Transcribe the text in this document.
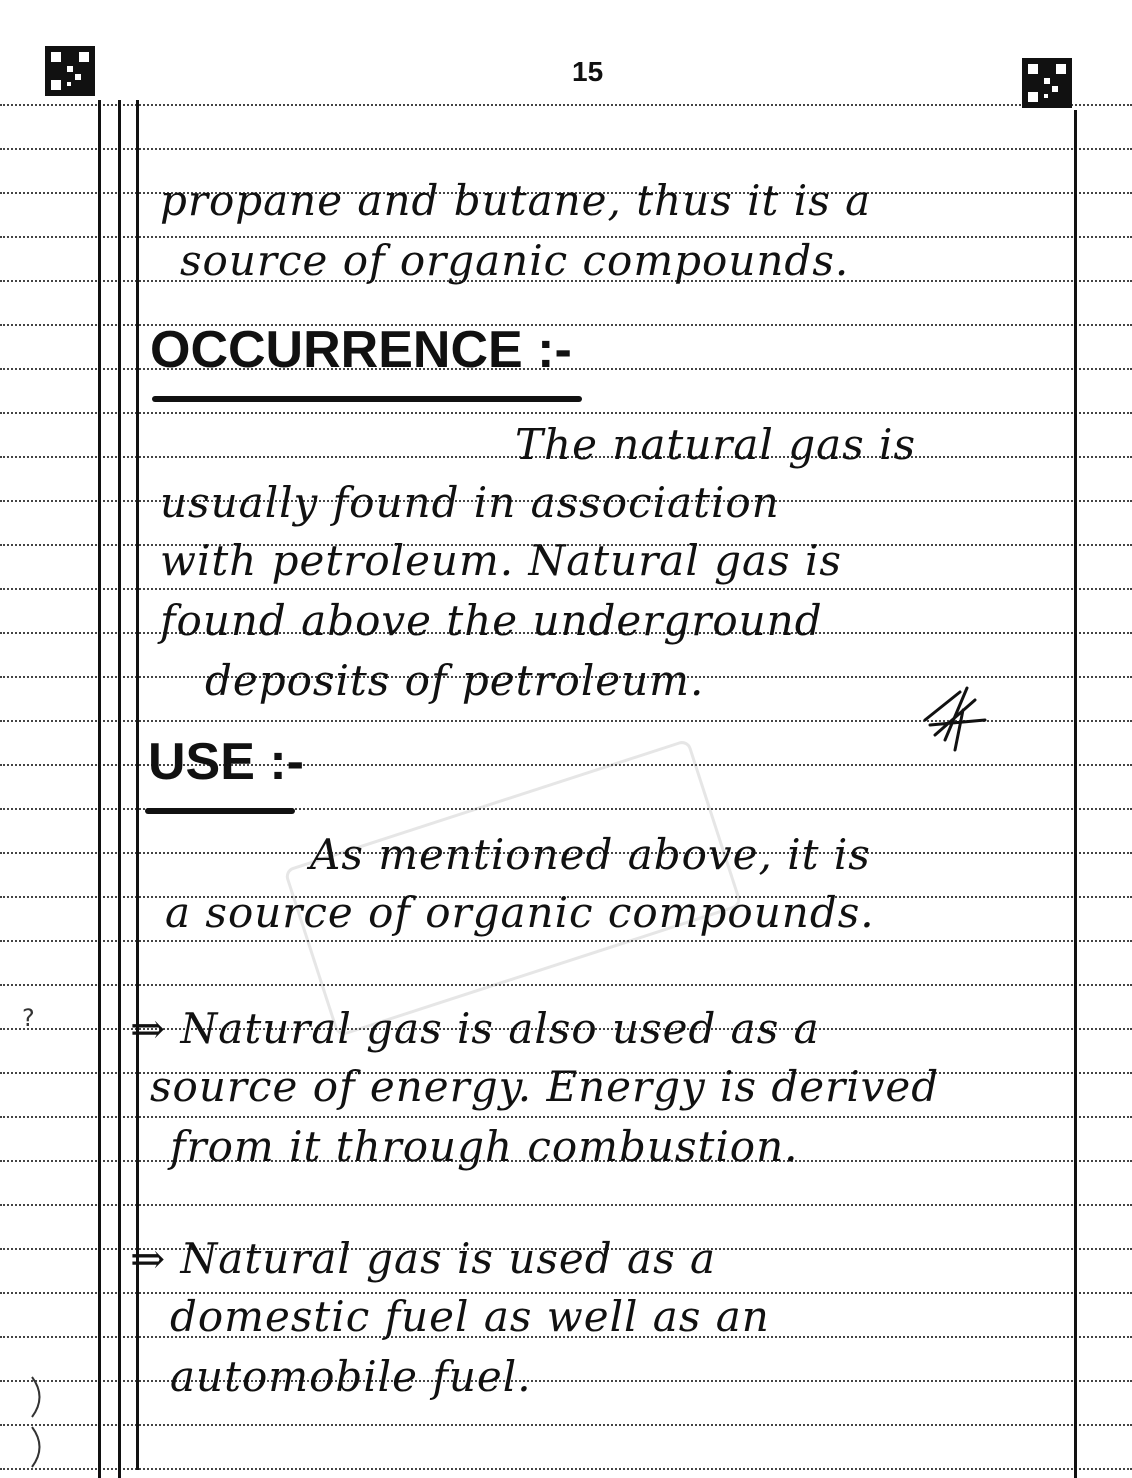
15
propane and butane, thus it is a
source of organic compounds.
OCCURRENCE :-
The natural gas is
usually found in association
with petroleum. Natural gas is
found above the underground
deposits of petroleum.
USE :-
As mentioned above, it is
a source of organic compounds.
⇒ Natural gas is also used as a
source of energy. Energy is derived
from it through combustion.
⇒ Natural gas is used as a
domestic fuel as well as an
automobile fuel.
?
